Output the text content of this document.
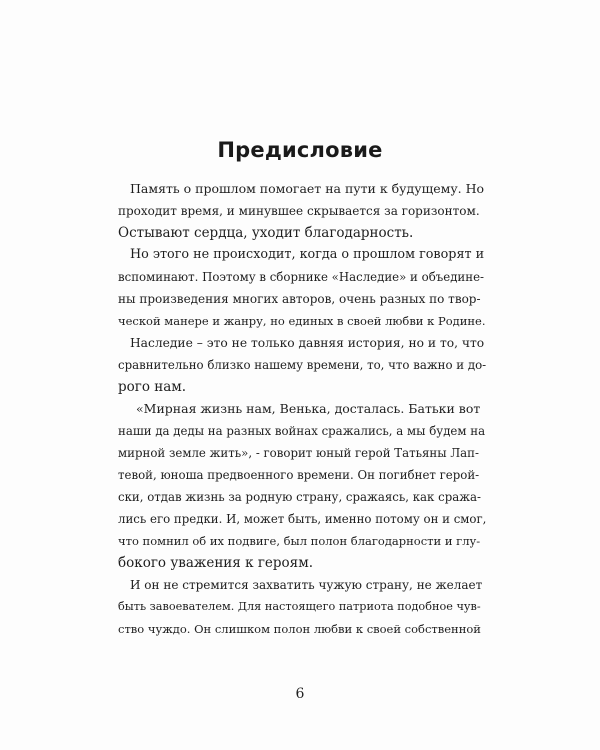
Предисловие

Память о прошлом помогает на пути к будущему. Но

проходит время, и минувшее скрывается за горизонтом.

Остывают сердца, уходит благодарность.

Но этого не происходит, когда о прошлом говорят и

вспоминают. Поэтому в сборнике «Наследие» и объедине-

ны произведения многих авторов, очень разных по твор-

ческой манере и жанру, но единых в своей любви к Родине.

Наследие – это не только давняя история, но и то, что

сравнительно близко нашему времени, то, что важно и до-

рого нам.

«Мирная жизнь нам, Венька, досталась. Батьки вот

наши да деды на разных войнах сражались, а мы будем на

мирной земле жить», - говорит юный герой Татьяны Лап-

тевой, юноша предвоенного времени. Он погибнет герой-

ски, отдав жизнь за родную страну, сражаясь, как сража-

лись его предки. И, может быть, именно потому он и смог,

что помнил об их подвиге, был полон благодарности и глу-

бокого уважения к героям.

И он не стремится захватить чужую страну, не желает

быть завоевателем. Для настоящего патриота подобное чув-

ство чуждо. Он слишком полон любви к своей собственной

6
